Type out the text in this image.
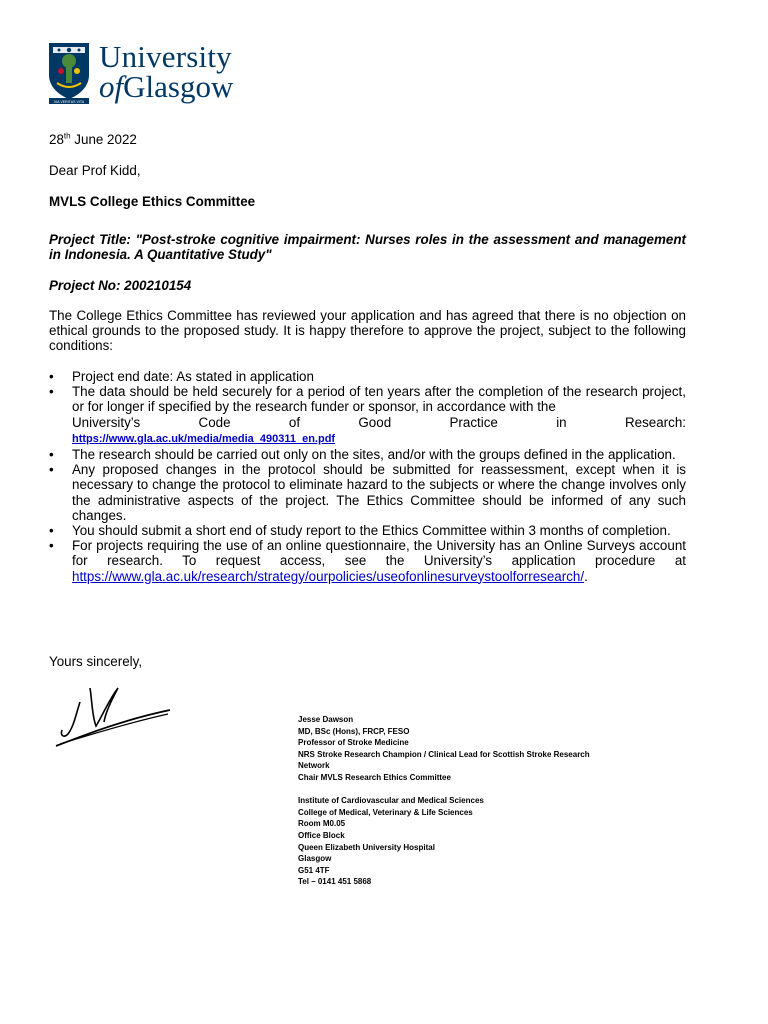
VIA VERITAS VITA
University
ofGlasgow
28th June 2022
Dear Prof Kidd,
MVLS College Ethics Committee
Project Title: "Post-stroke cognitive impairment: Nurses roles in the assessment and management in Indonesia. A Quantitative Study"
Project No: 200210154
The College Ethics Committee has reviewed your application and has agreed that there is no objection on ethical grounds to the proposed study. It is happy therefore to approve the project, subject to the following conditions:
• Project end date: As stated in application
• The data should be held securely for a period of ten years after the completion of the research project, or for longer if specified by the research funder or sponsor, in accordance with the
University’s	Code	of	Good	Practice	in	Research:
https://www.gla.ac.uk/media/media_490311_en.pdf
• The research should be carried out only on the sites, and/or with the groups defined in the application.
• Any proposed changes in the protocol should be submitted for reassessment, except when it is necessary to change the protocol to eliminate hazard to the subjects or where the change involves only the administrative aspects of the project. The Ethics Committee should be informed of any such changes.
• You should submit a short end of study report to the Ethics Committee within 3 months of completion.
• For projects requiring the use of an online questionnaire, the University has an Online Surveys account for research. To request access, see the University’s application procedure at https://www.gla.ac.uk/research/strategy/ourpolicies/useofonlinesurveystoolforresearch/.
Yours sincerely,
Jesse Dawson
MD, BSc (Hons), FRCP, FESO
Professor of Stroke Medicine
NRS Stroke Research Champion / Clinical Lead for Scottish Stroke Research
Network
Chair MVLS Research Ethics Committee
Institute of Cardiovascular and Medical Sciences
College of Medical, Veterinary & Life Sciences
Room M0.05
Office Block
Queen Elizabeth University Hospital
Glasgow
G51 4TF
Tel – 0141 451 5868
